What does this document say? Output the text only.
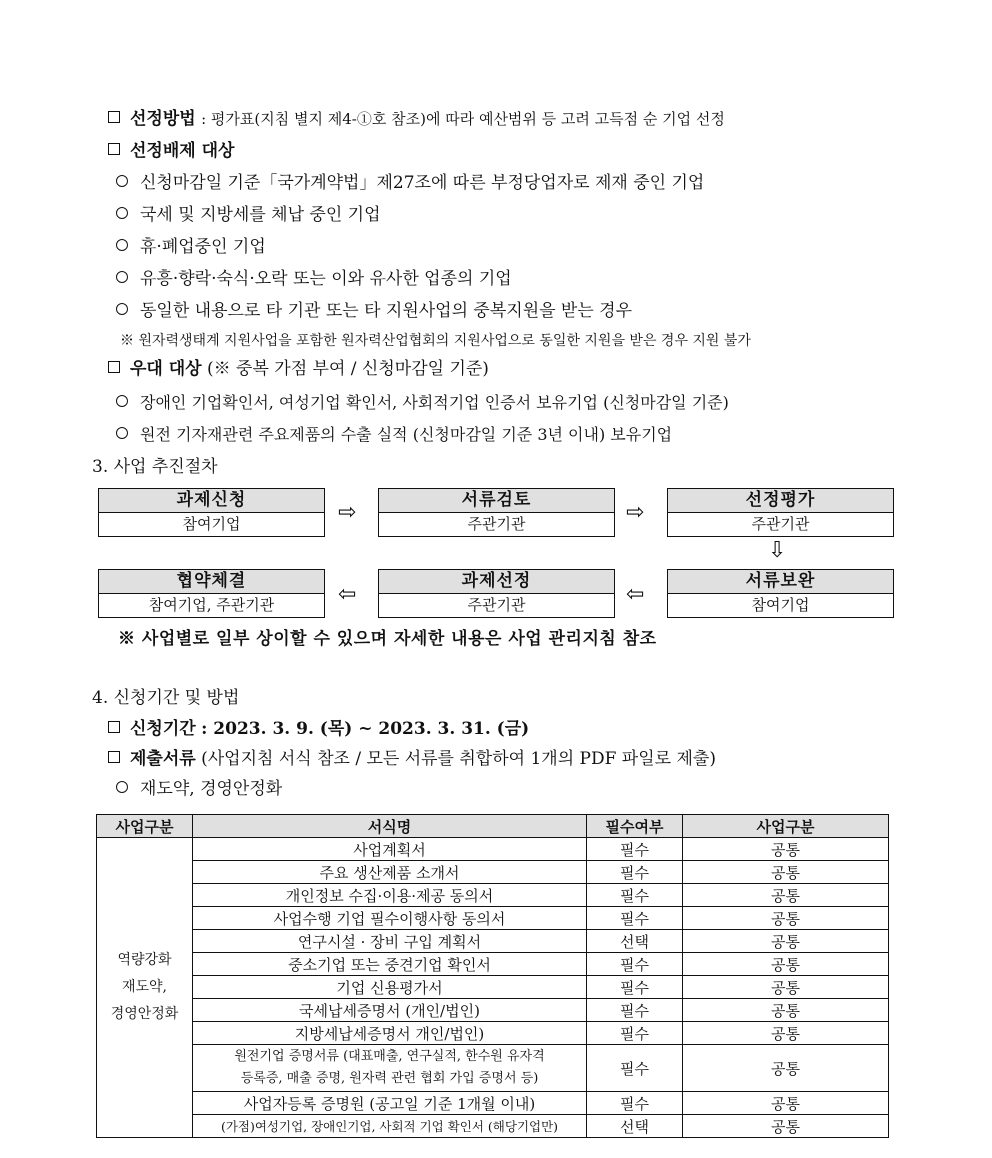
선정방법 : 평가표(지침 별지 제4-①호 참조)에 따라 예산범위 등 고려 고득점 순 기업 선정
선정배제 대상
신청마감일 기준「국가계약법」제27조에 따른 부정당업자로 제재 중인 기업
국세 및 지방세를 체납 중인 기업
휴·폐업중인 기업
유흥·향락·숙식·오락 또는 이와 유사한 업종의 기업
동일한 내용으로 타 기관 또는 타 지원사업의 중복지원을 받는 경우
※ 원자력생태계 지원사업을 포함한 원자력산업협회의 지원사업으로 동일한 지원을 받은 경우 지원 불가
우대 대상 (※ 중복 가점 부여 / 신청마감일 기준)
장애인 기업확인서, 여성기업 확인서, 사회적기업 인증서 보유기업 (신청마감일 기준)
원전 기자재관련 주요제품의 수출 실적 (신청마감일 기준 3년 이내) 보유기업
3. 사업 추진절차
과제신청
참여기업	⇨	서류검토
주관기관	⇨	선정평가
주관기관
⇩
서류보완
참여기업
⇦
과제선정
주관기관
⇦
협약체결
참여기업, 주관기관
※ 사업별로 일부 상이할 수 있으며 자세한 내용은 사업 관리지침 참조
4. 신청기간 및 방법
신청기간 : 2023. 3. 9. (목) ~ 2023. 3. 31. (금)
제출서류 (사업지침 서식 참조 / 모든 서류를 취합하여 1개의 PDF 파일로 제출)
재도약, 경영안정화
사업구분	서식명	필수여부	사업구분

역량강화
재도약,
경영안정화	사업계획서	필수	공통
	주요 생산제품 소개서	필수	공통
	개인정보 수집·이용·제공 동의서	필수	공통
	사업수행 기업 필수이행사항 동의서	필수	공통
	연구시설 · 장비 구입 계획서	선택	공통
	중소기업 또는 중견기업 확인서	필수	공통
	기업 신용평가서	필수	공통
	국세납세증명서 (개인/법인)	필수	공통
	지방세납세증명서 개인/법인)	필수	공통

	원전기업 증명서류 (대표매출, 연구실적, 한수원 유자격
등록증, 매출 증명, 원자력 관련 협회 가입 증명서 등)	필수	공통
	사업자등록 증명원 (공고일 기준 1개월 이내)	필수	공통
	(가점)여성기업, 장애인기업, 사회적 기업 확인서 (해당기업만)	선택	공통
